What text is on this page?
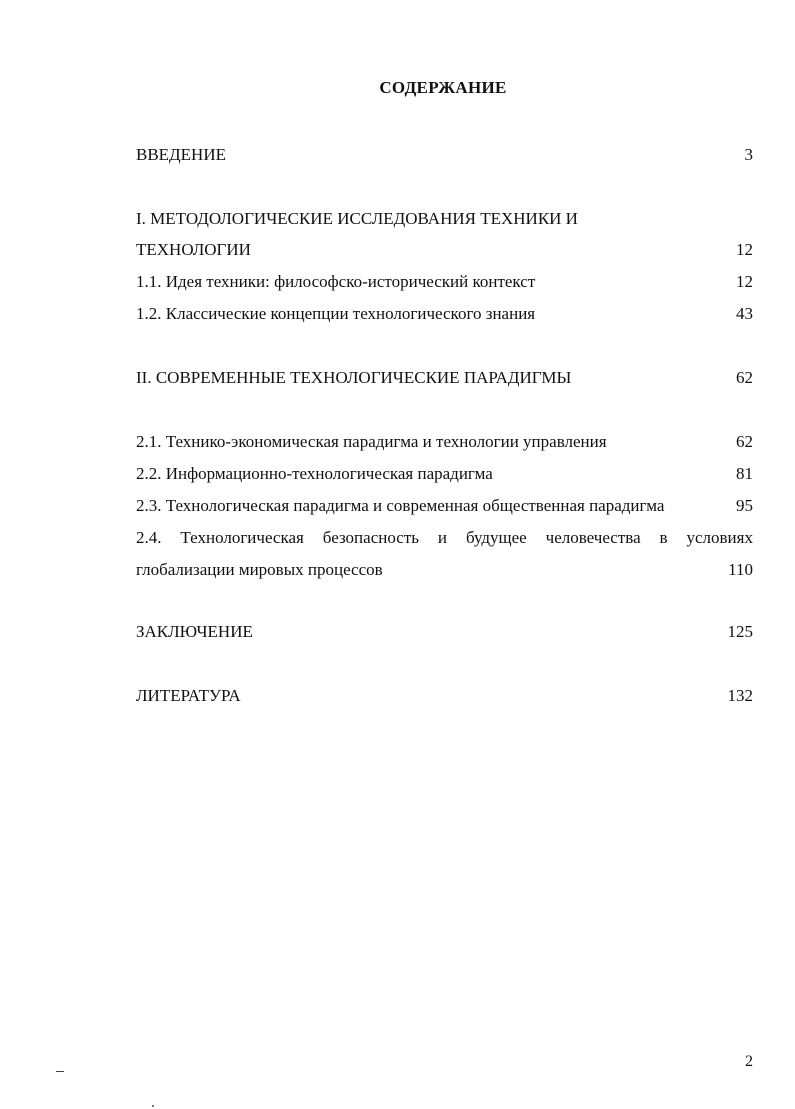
СОДЕРЖАНИЕ
ВВЕДЕНИЕ	3
I. МЕТОДОЛОГИЧЕСКИЕ ИССЛЕДОВАНИЯ ТЕХНИКИ И
ТЕХНОЛОГИИ	12
1.1. Идея техники: философско-исторический контекст	12
1.2. Классические концепции технологического знания	43
II. СОВРЕМЕННЫЕ ТЕХНОЛОГИЧЕСКИЕ ПАРАДИГМЫ	62
2.1. Технико-экономическая парадигма и технологии управления	62
2.2. Информационно-технологическая парадигма	81
2.3. Технологическая парадигма и современная общественная парадигма	95
2.4. Технологическая безопасность и будущее человечества в условиях
глобализации мировых процессов	110
ЗАКЛЮЧЕНИЕ	125
ЛИТЕРАТУРА	132
2
